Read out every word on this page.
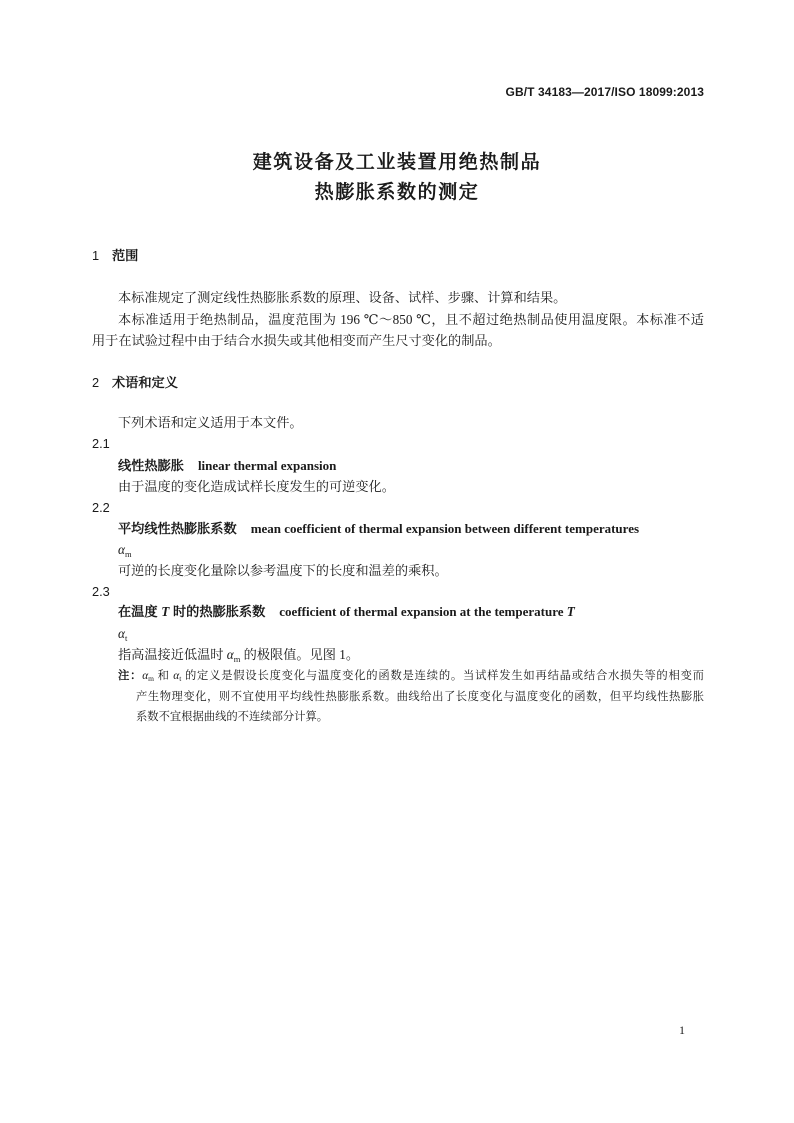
GB/T 34183—2017/ISO 18099:2013
建筑设备及工业装置用绝热制品
热膨胀系数的测定
1 范围
本标准规定了测定线性热膨胀系数的原理、设备、试样、步骤、计算和结果。
本标准适用于绝热制品，温度范围为 196 ℃～850 ℃，且不超过绝热制品使用温度限。本标准不适
用于在试验过程中由于结合水损失或其他相变而产生尺寸变化的制品。
2 术语和定义
下列术语和定义适用于本文件。
2.1
线性热膨胀 linear thermal expansion
由于温度的变化造成试样长度发生的可逆变化。
2.2
平均线性热膨胀系数 mean coefficient of thermal expansion between different temperatures
$\alpha_m$
可逆的长度变化量除以参考温度下的长度和温差的乘积。
2.3
在温度 T 时的热膨胀系数 coefficient of thermal expansion at the temperature T
$\alpha_t$
指高温接近低温时 $\alpha_m$ 的极限值。见图 1。
注：$\alpha_m$ 和 $\alpha_t$ 的定义是假设长度变化与温度变化的函数是连续的。当试样发生如再结晶或结合水损失等的相变而
产生物理变化，则不宜使用平均线性热膨胀系数。曲线给出了长度变化与温度变化的函数，但平均线性热膨胀
系数不宜根据曲线的不连续部分计算。
1
